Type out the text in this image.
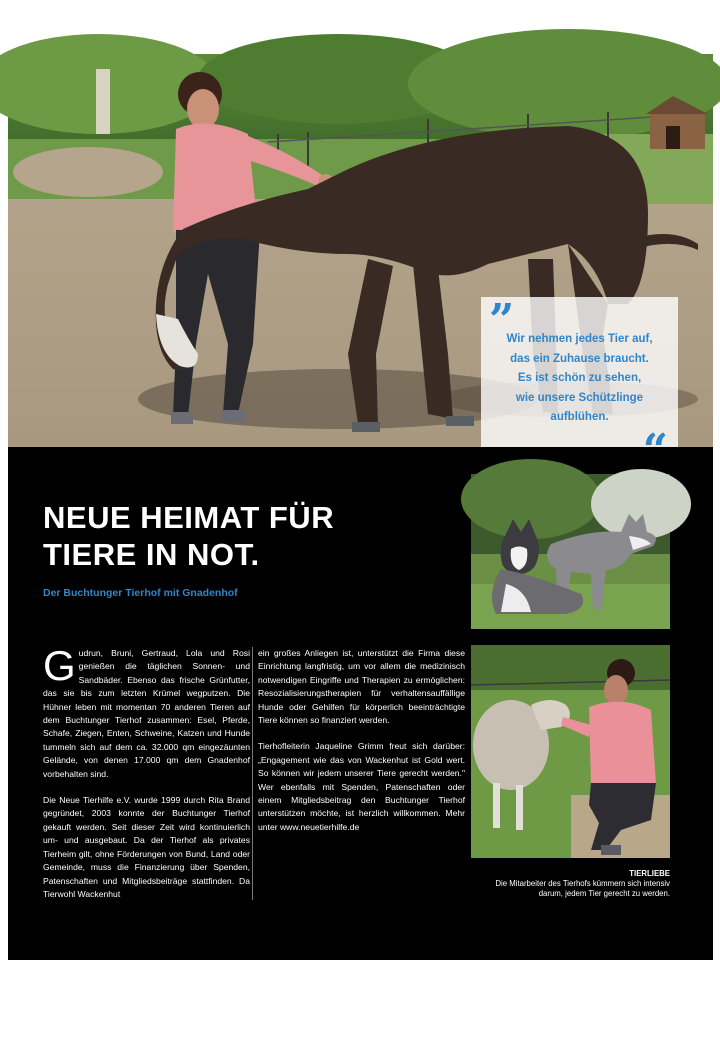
”
Wir nehmen jedes Tier auf,
das ein Zuhause braucht.
Es ist schön zu sehen,
wie unsere Schützlinge
aufblühen.
NEUE HEIMAT FÜR
TIERE IN NOT.
Der Buchtunger Tierhof mit Gnadenhof

Gudrun, Bruni, Gertraud, Lola und Rosi genießen die täglichen Sonnen- und Sandbäder. Ebenso das frische Grünfutter, das sie bis zum letzten Krümel wegputzen. Die Hühner leben mit momentan 70 anderen Tieren auf dem Buchtunger Tierhof zusammen: Esel, Pferde, Schafe, Ziegen, Enten, Schweine, Katzen und Hunde tummeln sich auf dem ca. 32.000 qm eingezäunten Gelände, von denen 17.000 qm dem Gnadenhof vorbehalten sind.

Die Neue Tierhilfe e.V. wurde 1999 durch Rita Brand gegründet, 2003 konnte der Buchtunger Tierhof gekauft werden. Seit dieser Zeit wird kontinuierlich um- und ausgebaut. Da der Tierhof als privates Tierheim gilt, ohne Förderungen von Bund, Land oder Gemeinde, muss die Finanzierung über Spenden, Patenschaften und Mitgliedsbeiträge stattfinden. Da Tierwohl Wackenhut

ein großes Anliegen ist, unterstützt die Firma diese Einrichtung langfristig, um vor allem die medizinisch notwendigen Eingriffe und Therapien zu ermöglichen: Resozialisierungstherapien für verhaltensauffällige Hunde oder Gehilfen für körperlich beeinträchtigte Tiere können so finanziert werden.

Tierhofleiterin Jaqueline Grimm freut sich darüber: „Engagement wie das von Wackenhut ist Gold wert. So können wir jedem unserer Tiere gerecht werden." Wer ebenfalls mit Spenden, Patenschaften oder einem Mitgliedsbeitrag den Buchtunger Tierhof unterstützen möchte, ist herzlich willkommen. Mehr unter www.neuetierhilfe.de

TIERLIEBE
Die Mitarbeiter des Tierhofs kümmern sich intensiv darum, jedem Tier gerecht zu werden.
